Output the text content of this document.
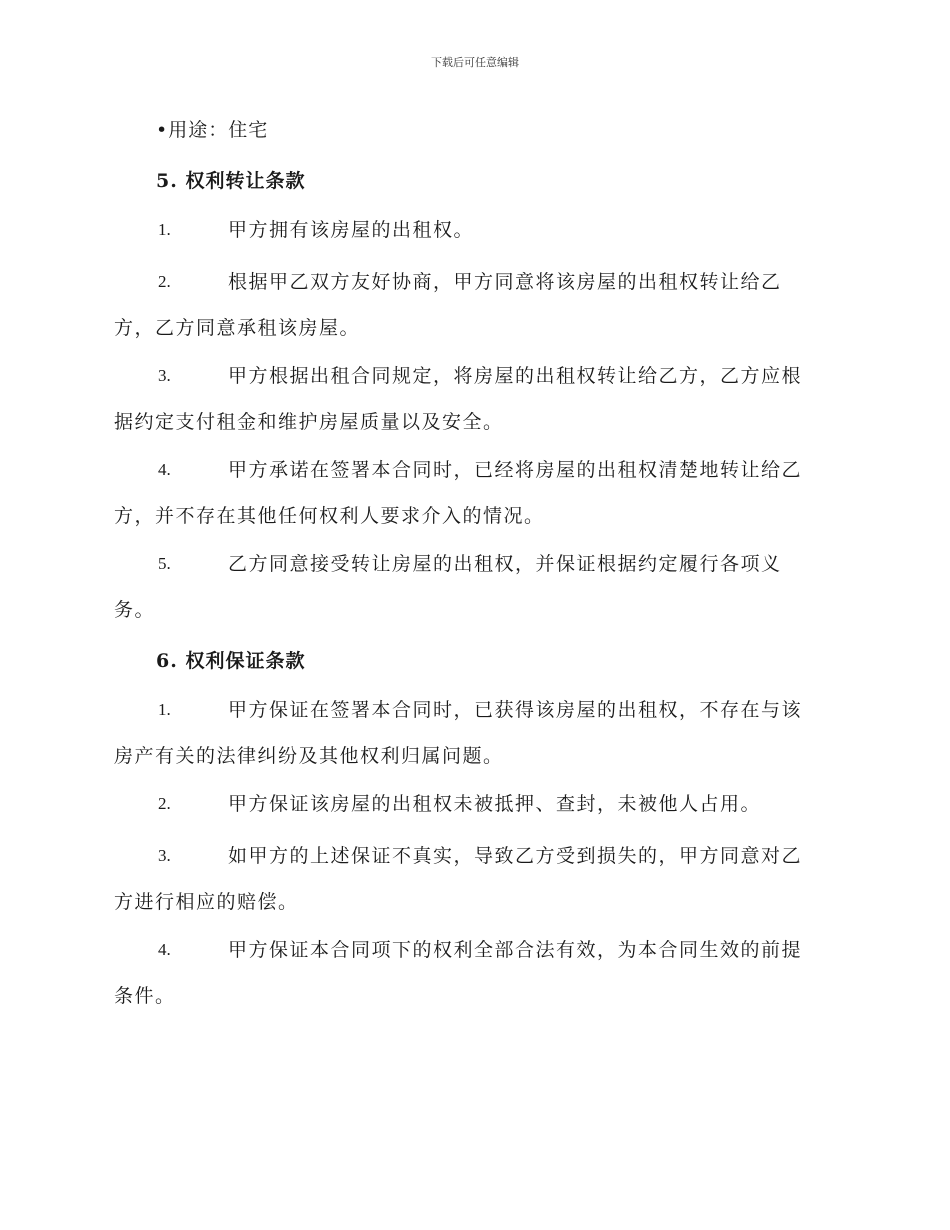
下载后可任意编辑
•用途：住宅
5. 权利转让条款
1.	甲方拥有该房屋的出租权。
2.	根据甲乙双方友好协商，甲方同意将该房屋的出租权转让给乙
方，乙方同意承租该房屋。
3.	甲方根据出租合同规定，将房屋的出租权转让给乙方，乙方应根
据约定支付租金和维护房屋质量以及安全。
4.	甲方承诺在签署本合同时，已经将房屋的出租权清楚地转让给乙
方，并不存在其他任何权利人要求介入的情况。
5.	乙方同意接受转让房屋的出租权，并保证根据约定履行各项义
务。
6. 权利保证条款
1.	甲方保证在签署本合同时，已获得该房屋的出租权，不存在与该
房产有关的法律纠纷及其他权利归属问题。
2.	甲方保证该房屋的出租权未被抵押、查封，未被他人占用。
3.	如甲方的上述保证不真实，导致乙方受到损失的，甲方同意对乙
方进行相应的赔偿。
4.	甲方保证本合同项下的权利全部合法有效，为本合同生效的前提
条件。
